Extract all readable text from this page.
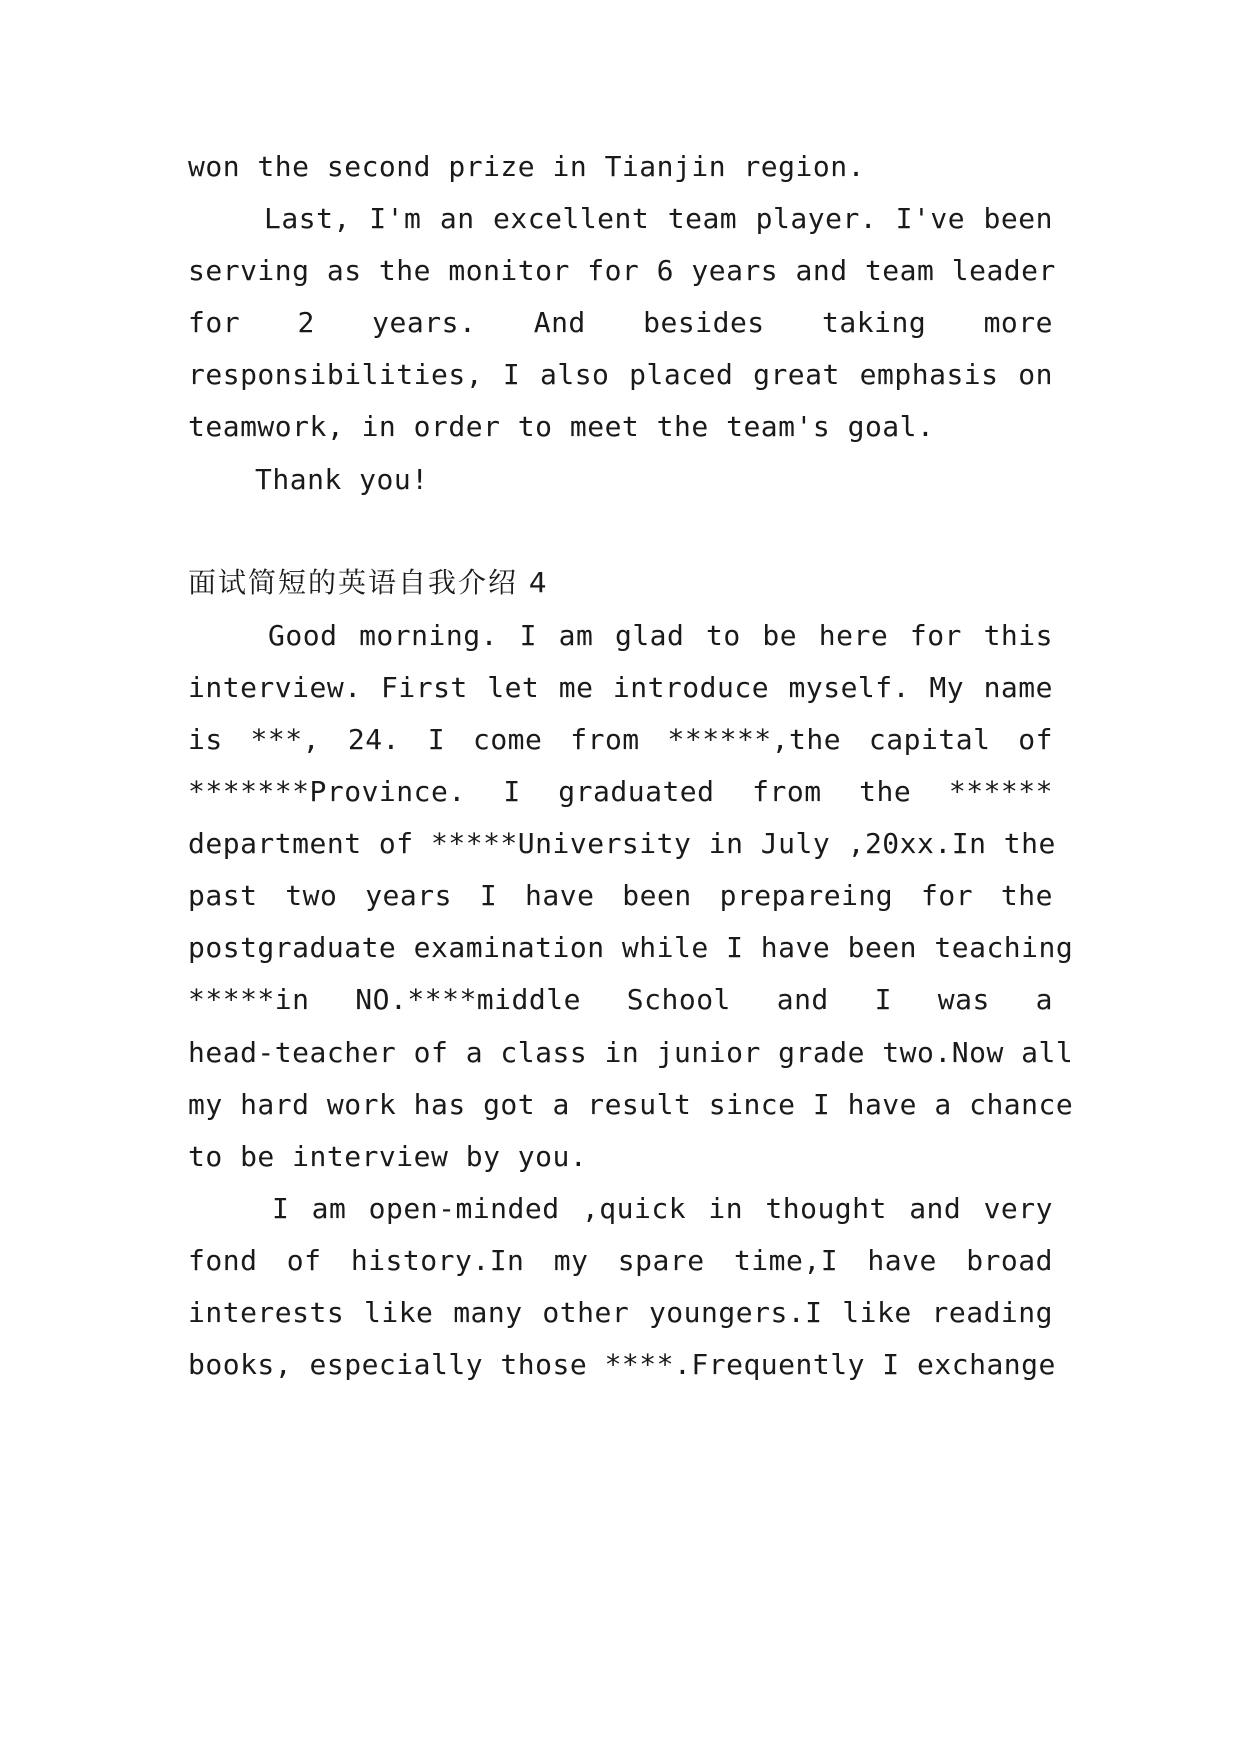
won the second prize in Tianjin region.
Last, I'm an excellent team player. I've been
serving as the monitor for 6 years and team leader
for 2 years. And besides taking more
responsibilities, I also placed great emphasis on
teamwork, in order to meet the team's goal.
Thank you!
面试简短的英语自我介绍 4
Good morning. I am glad to be here for this
interview. First let me introduce myself. My name
is ***, 24. I come from ******,the capital of
*******Province. I graduated from the ******
department of *****University in July ,20xx.In the
past two years I have been prepareing for the
postgraduate examination while I have been teaching
*****in NO.****middle School and I was a
head-teacher of a class in junior grade two.Now all
my hard work has got a result since I have a chance
to be interview by you.
I am open-minded ,quick in thought and very
fond of history.In my spare time,I have broad
interests like many other youngers.I like reading
books, especially those ****.Frequently I exchange
